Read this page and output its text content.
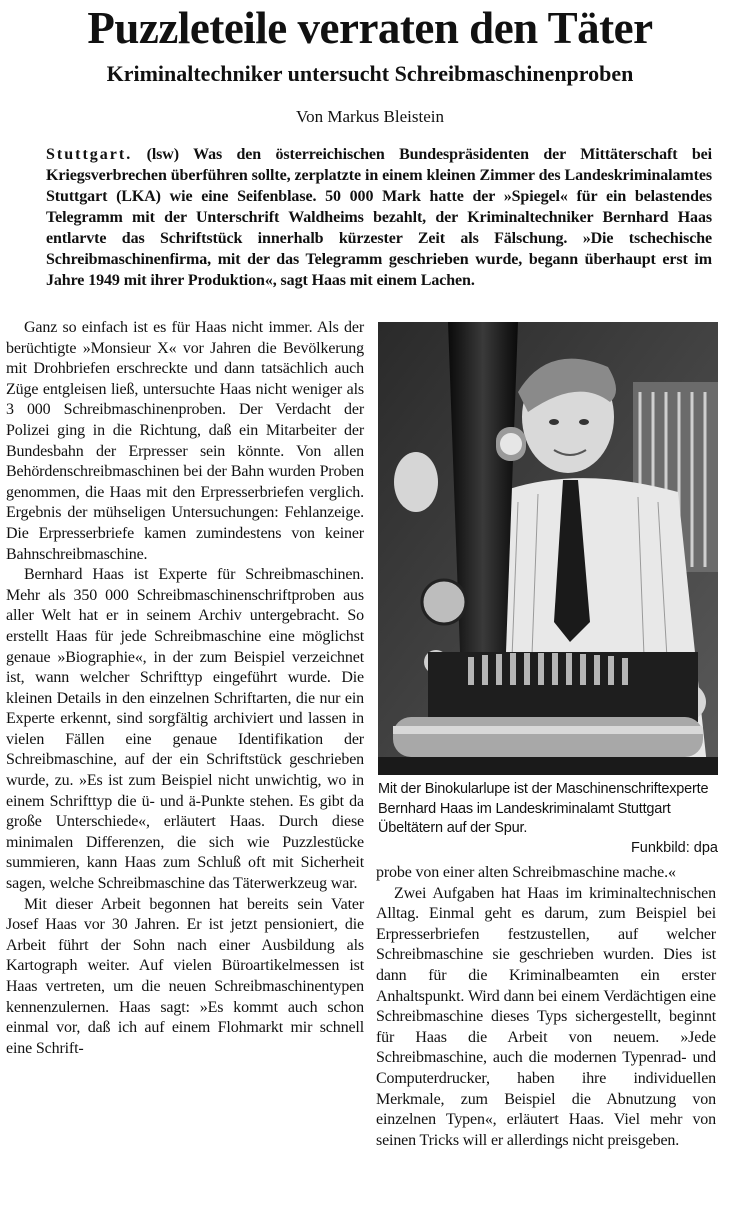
Puzzleteile verraten den Täter
Kriminaltechniker untersucht Schreibmaschinenproben

Von Markus Bleistein

Stuttgart. (lsw) Was den österreichischen Bundespräsidenten der Mittäterschaft bei Kriegsverbrechen überführen sollte, zerplatzte in einem kleinen Zimmer des Landeskriminalamtes Stuttgart (LKA) wie eine Seifenblase. 50 000 Mark hatte der »Spiegel« für ein belastendes Telegramm mit der Unterschrift Waldheims bezahlt, der Kriminaltechniker Bernhard Haas entlarvte das Schriftstück innerhalb kürzester Zeit als Fälschung. »Die tschechische Schreibmaschinenfirma, mit der das Telegramm geschrieben wurde, begann überhaupt erst im Jahre 1949 mit ihrer Produktion«, sagt Haas mit einem Lachen.

Ganz so einfach ist es für Haas nicht immer. Als der berüchtigte »Monsieur X« vor Jahren die Bevölkerung mit Drohbriefen erschreckte und dann tatsächlich auch Züge entgleisen ließ, untersuchte Haas nicht weniger als 3 000 Schreibmaschinenproben. Der Verdacht der Polizei ging in die Richtung, daß ein Mitarbeiter der Bundesbahn der Erpresser sein könnte. Von allen Behördenschreibmaschinen bei der Bahn wurden Proben genommen, die Haas mit den Erpresserbriefen verglich. Ergebnis der mühseligen Untersuchungen: Fehlanzeige. Die Erpresserbriefe kamen zumindestens von keiner Bahnschreibmaschine.

Bernhard Haas ist Experte für Schreibmaschinen. Mehr als 350 000 Schreibmaschinenschriftproben aus aller Welt hat er in seinem Archiv untergebracht. So erstellt Haas für jede Schreibmaschine eine möglichst genaue »Biographie«, in der zum Beispiel verzeichnet ist, wann welcher Schrifttyp eingeführt wurde. Die kleinen Details in den einzelnen Schriftarten, die nur ein Experte erkennt, sind sorgfältig archiviert und lassen in vielen Fällen eine genaue Identifikation der Schreibmaschine, auf der ein Schriftstück geschrieben wurde, zu. »Es ist zum Beispiel nicht unwichtig, wo in einem Schrifttyp die ü- und ä-Punkte stehen. Es gibt da große Unterschiede«, erläutert Haas. Durch diese minimalen Differenzen, die sich wie Puzzlestücke summieren, kann Haas zum Schluß oft mit Sicherheit sagen, welche Schreibmaschine das Täterwerkzeug war.

Mit dieser Arbeit begonnen hat bereits sein Vater Josef Haas vor 30 Jahren. Er ist jetzt pensioniert, die Arbeit führt der Sohn nach einer Ausbildung als Kartograph weiter. Auf vielen Büroartikelmessen ist Haas vertreten, um die neuen Schreibmaschinentypen kennenzulernen. Haas sagt: »Es kommt auch schon einmal vor, daß ich auf einem Flohmarkt mir schnell eine Schrift-

Mit der Binokularlupe ist der Maschinenschriftexperte Bernhard Haas im Landeskriminalamt Stuttgart Übeltätern auf der Spur.

Funkbild: dpa

probe von einer alten Schreibmaschine mache.«

Zwei Aufgaben hat Haas im kriminaltechnischen Alltag. Einmal geht es darum, zum Beispiel bei Erpresserbriefen festzustellen, auf welcher Schreibmaschine sie geschrieben wurden. Dies ist dann für die Kriminalbeamten ein erster Anhaltspunkt. Wird dann bei einem Verdächtigen eine Schreibmaschine dieses Typs sichergestellt, beginnt für Haas die Arbeit von neuem. »Jede Schreibmaschine, auch die modernen Typenrad- und Computerdrucker, haben ihre individuellen Merkmale, zum Beispiel die Abnutzung von einzelnen Typen«, erläutert Haas. Viel mehr von seinen Tricks will er allerdings nicht preisgeben.
